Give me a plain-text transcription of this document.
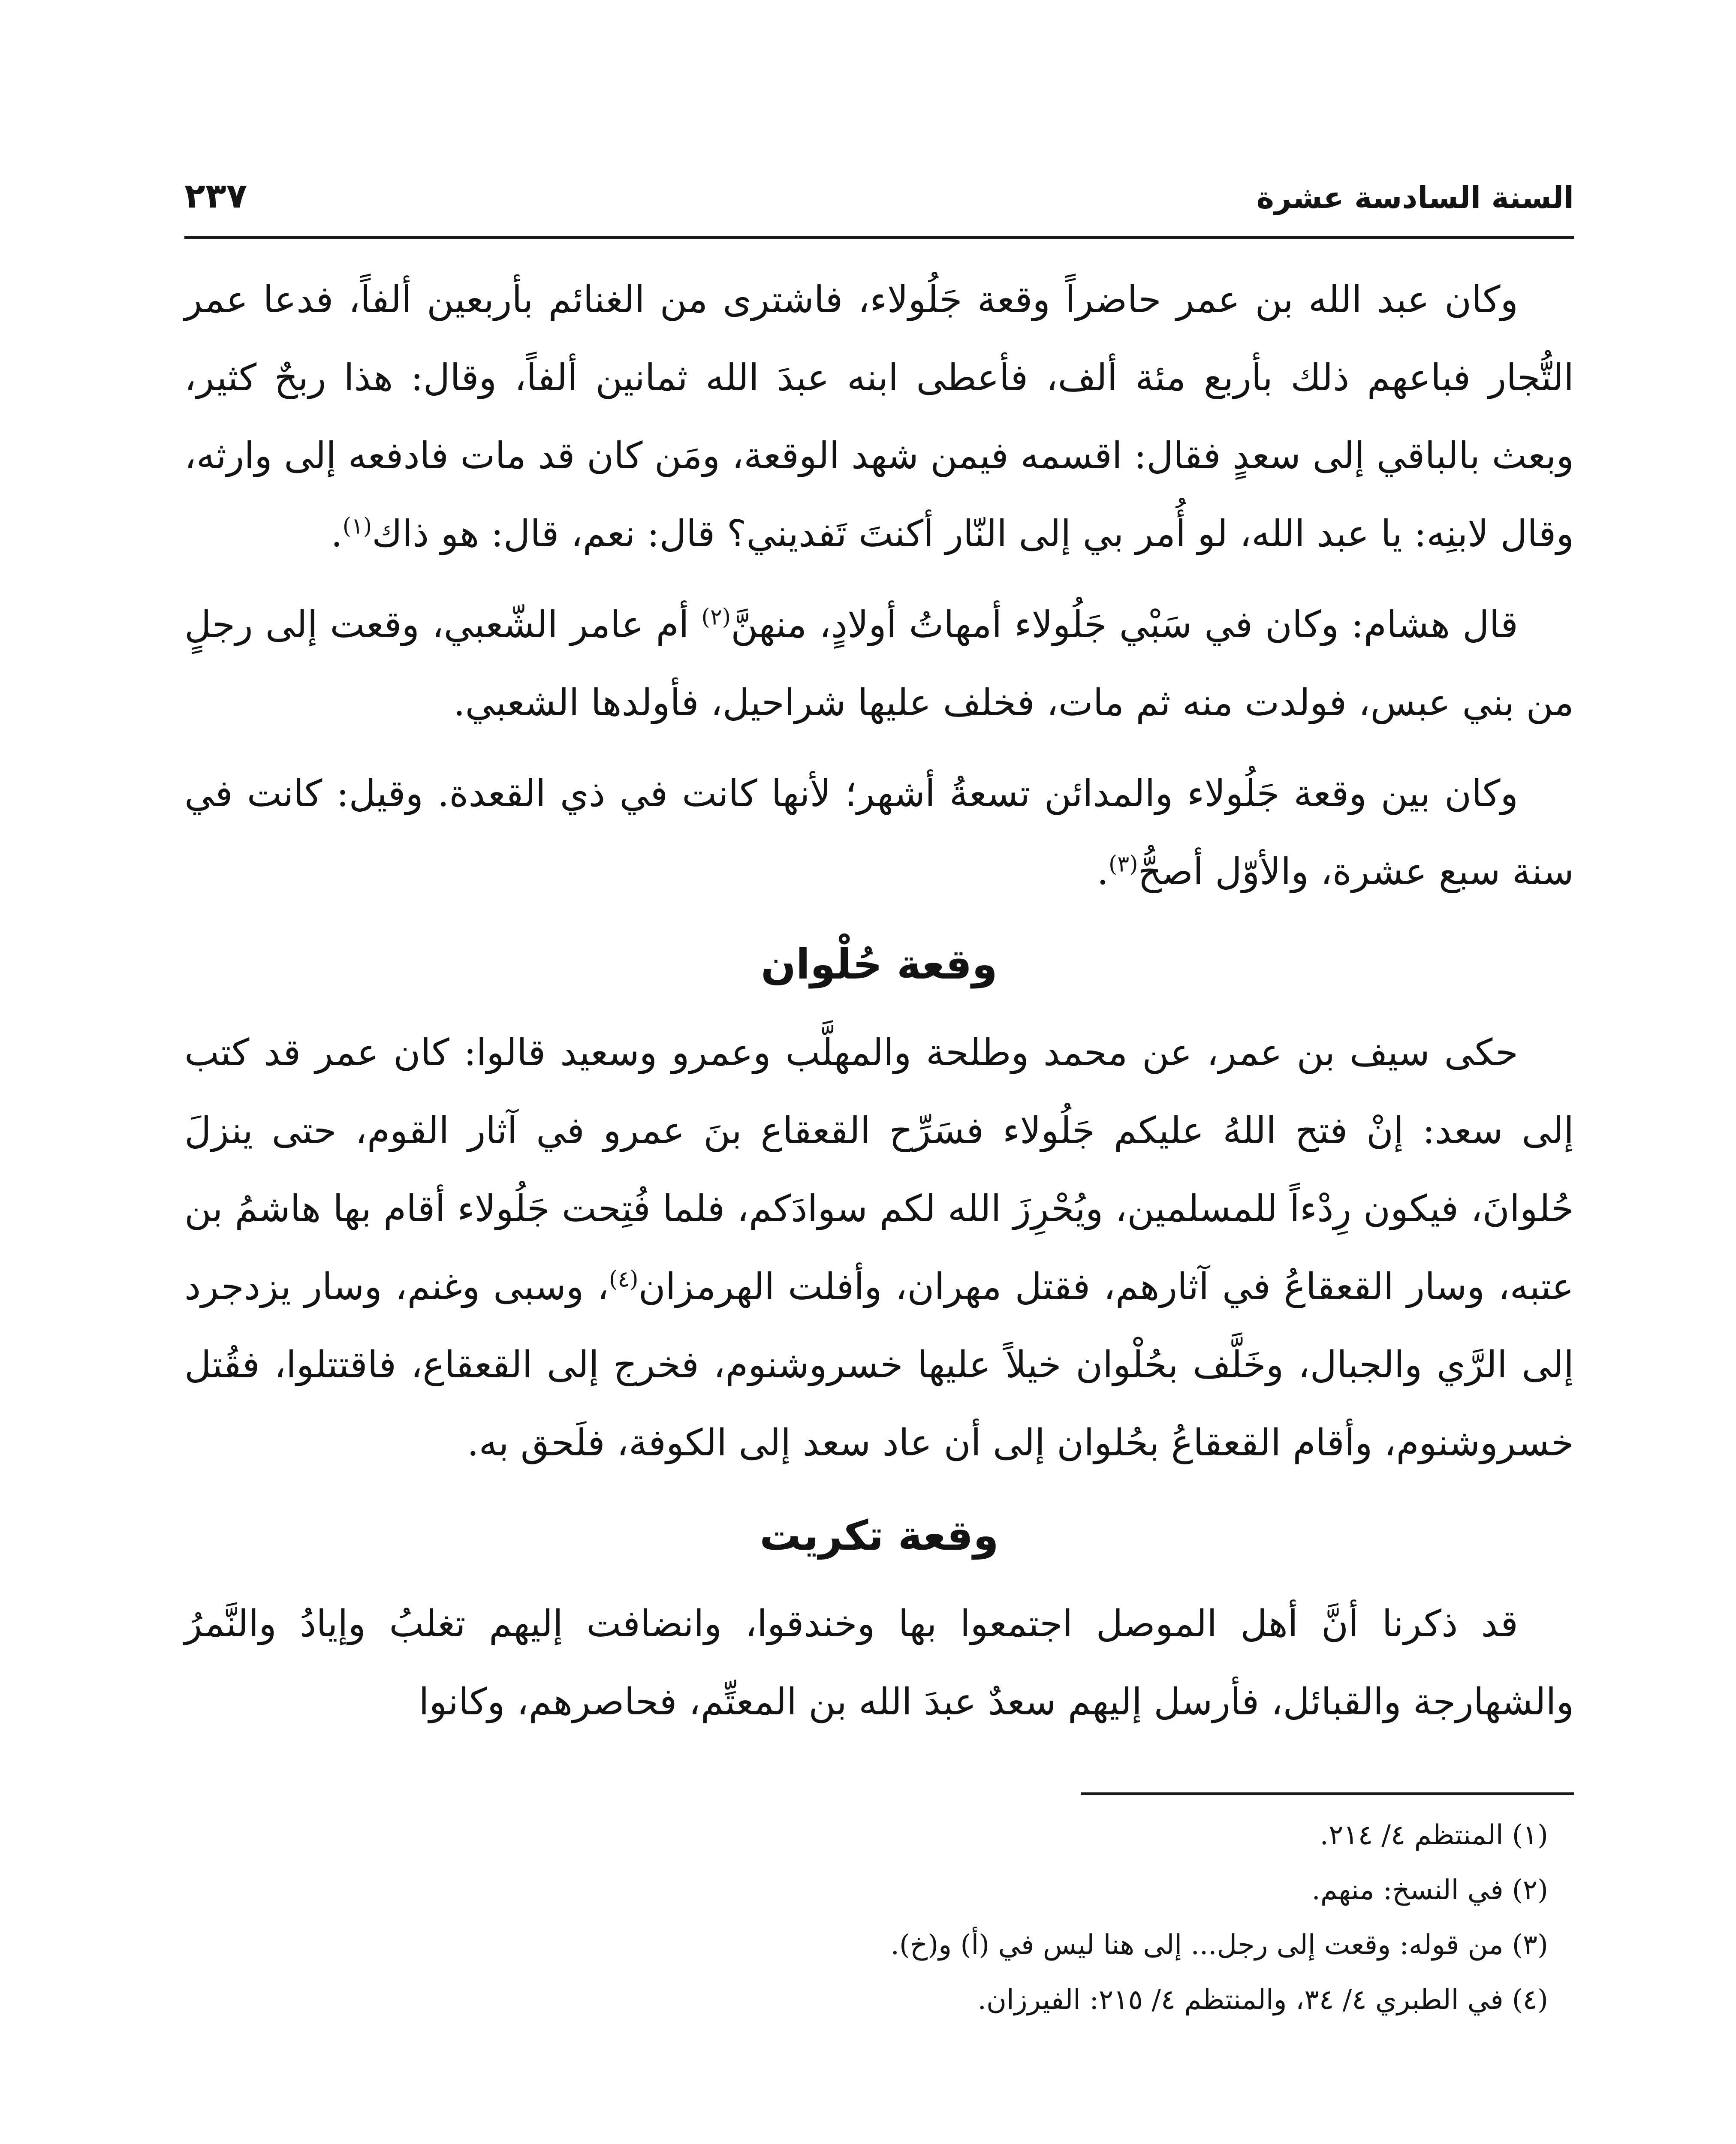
السنة السادسة عشرة
٢٣٧

وكان عبد الله بن عمر حاضراً وقعة جَلُولاء، فاشترى من الغنائم بأربعين ألفاً، فدعا عمر التُّجار فباعهم ذلك بأربع مئة ألف، فأعطى ابنه عبدَ الله ثمانين ألفاً، وقال: هذا ربحٌ كثير، وبعث بالباقي إلى سعدٍ فقال: اقسمه فيمن شهد الوقعة، ومَن كان قد مات فادفعه إلى وارثه، وقال لابنِه: يا عبد الله، لو أُمر بي إلى النّار أكنتَ تَفديني؟ قال: نعم، قال: هو ذاك$^{(١)}$.

قال هشام: وكان في سَبْي جَلُولاء أمهاتُ أولادٍ، منهنَّ$^{(٢)}$ أم عامر الشّعبي، وقعت إلى رجلٍ من بني عبس، فولدت منه ثم مات، فخلف عليها شراحيل، فأولدها الشعبي.

وكان بين وقعة جَلُولاء والمدائن تسعةُ أشهر؛ لأنها كانت في ذي القعدة. وقيل: كانت في سنة سبع عشرة، والأوّل أصحُّ$^{(٣)}$.

وقعة حُلْوان

حكى سيف بن عمر، عن محمد وطلحة والمهلَّب وعمرو وسعيد قالوا: كان عمر قد كتب إلى سعد: إنْ فتح اللهُ عليكم جَلُولاء فسَرِّح القعقاع بنَ عمرو في آثار القوم، حتى ينزلَ حُلوانَ، فيكون رِدْءاً للمسلمين، ويُحْرِزَ الله لكم سوادَكم، فلما فُتِحت جَلُولاء أقام بها هاشمُ بن عتبه، وسار القعقاعُ في آثارهم، فقتل مهران، وأفلت الهرمزان$^{(٤)}$، وسبى وغنم، وسار يزدجرد إلى الرَّي والجبال، وخَلَّف بحُلْوان خيلاً عليها خسروشنوم، فخرج إلى القعقاع، فاقتتلوا، فقُتل خسروشنوم، وأقام القعقاعُ بحُلوان إلى أن عاد سعد إلى الكوفة، فلَحق به.

وقعة تكريت

قد ذكرنا أنَّ أهل الموصل اجتمعوا بها وخندقوا، وانضافت إليهم تغلبُ وإيادُ والنَّمرُ والشهارجة والقبائل، فأرسل إليهم سعدٌ عبدَ الله بن المعتِّم، فحاصرهم، وكانوا

(١)المنتظم ٤/ ٢١٤.

(٢)في النسخ: منهم.

(٣)من قوله: وقعت إلى رجل... إلى هنا ليس في (أ) و(خ).

(٤)في الطبري ٤/ ٣٤، والمنتظم ٤/ ٢١٥: الفيرزان.
